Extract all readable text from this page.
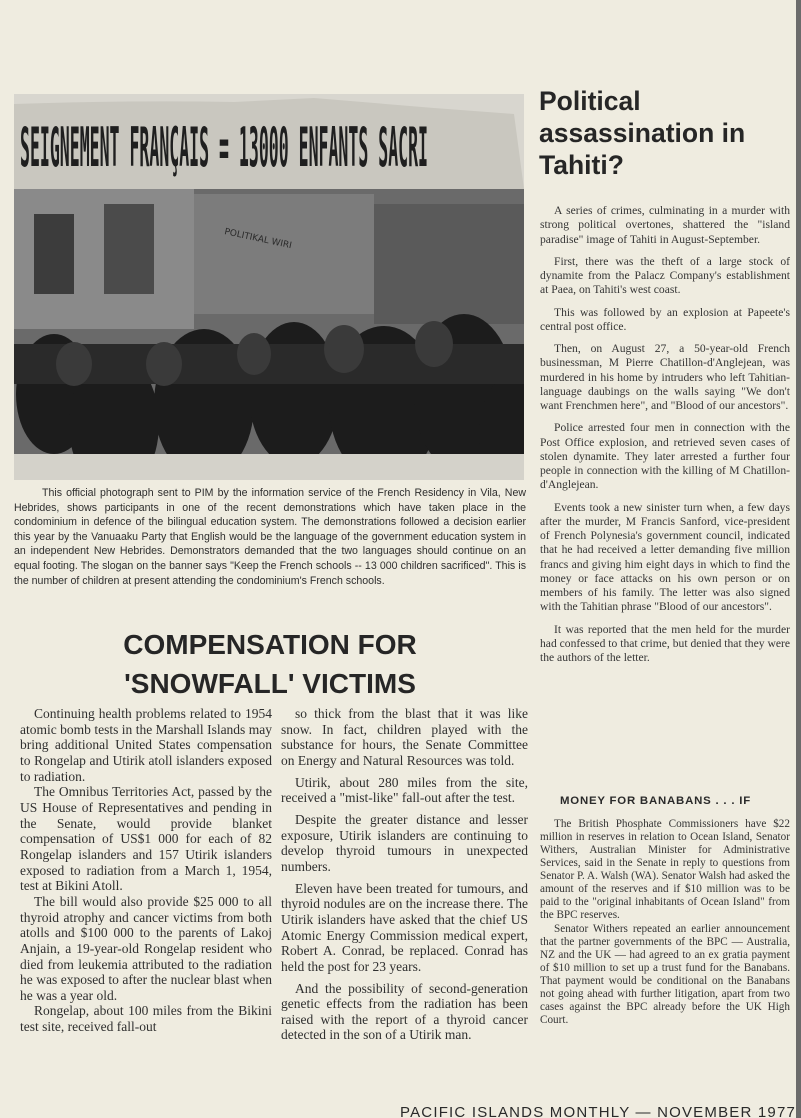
SEIGNEMENT FRANÇAIS = 13000 ENFANTS SACRI
POLITIKAL WIRI

This official photograph sent to PIM by the information service of the French Residency in Vila, New Hebrides, shows participants in one of the recent demonstrations which have taken place in the condominium in defence of the bilingual education system. The demonstrations followed a decision earlier this year by the Vanuaaku Party that English would be the language of the government education system in an independent New Hebrides. Demonstrators demanded that the two languages should continue on an equal footing. The slogan on the banner says "Keep the French schools -- 13 000 children sacrificed". This is the number of children at present attending the condominium's French schools.

Political assassination in Tahiti?

A series of crimes, culminating in a murder with strong political overtones, shattered the "island paradise" image of Tahiti in August-September.

First, there was the theft of a large stock of dynamite from the Palacz Company's establishment at Paea, on Tahiti's west coast.

This was followed by an explosion at Papeete's central post office.

Then, on August 27, a 50-year-old French businessman, M Pierre Chatillon-d'Anglejean, was murdered in his home by intruders who left Tahitian-language daubings on the walls saying "We don't want Frenchmen here", and "Blood of our ancestors".

Police arrested four men in connection with the Post Office explosion, and retrieved seven cases of stolen dynamite. They later arrested a further four people in connection with the killing of M Chatillon-d'Anglejean.

Events took a new sinister turn when, a few days after the murder, M Francis Sanford, vice-president of French Polynesia's government council, indicated that he had received a letter demanding five million francs and giving him eight days in which to find the money or face attacks on his own person or on members of his family. The letter was also signed with the Tahitian phrase "Blood of our ancestors".

It was reported that the men held for the murder had confessed to that crime, but denied that they were the authors of the letter.

MONEY FOR BANABANS . . . IF

The British Phosphate Commissioners have $22 million in reserves in relation to Ocean Island, Senator Withers, Australian Minister for Administrative Services, said in the Senate in reply to questions from Senator P. A. Walsh (WA). Senator Walsh had asked the amount of the reserves and if $10 million was to be paid to the "original inhabitants of Ocean Island" from the BPC reserves.

Senator Withers repeated an earlier announcement that the partner governments of the BPC — Australia, NZ and the UK — had agreed to an ex gratia payment of $10 million to set up a trust fund for the Banabans. That payment would be conditional on the Banabans not going ahead with further litigation, apart from two cases against the BPC already before the UK High Court.

COMPENSATION FOR
'SNOWFALL' VICTIMS

Continuing health problems related to 1954 atomic bomb tests in the Marshall Islands may bring additional United States compensation to Rongelap and Utirik atoll islanders exposed to radiation.

The Omnibus Territories Act, passed by the US House of Representatives and pending in the Senate, would provide blanket compensation of US$1 000 for each of 82 Rongelap islanders and 157 Utirik islanders exposed to radiation from a March 1, 1954, test at Bikini Atoll.

The bill would also provide $25 000 to all thyroid atrophy and cancer victims from both atolls and $100 000 to the parents of Lakoj Anjain, a 19-year-old Rongelap resident who died from leukemia attributed to the radiation he was exposed to after the nuclear blast when he was a year old.

Rongelap, about 100 miles from the Bikini test site, received fall-out

so thick from the blast that it was like snow. In fact, children played with the substance for hours, the Senate Committee on Energy and Natural Resources was told.

Utirik, about 280 miles from the site, received a "mist-like" fall-out after the test.

Despite the greater distance and lesser exposure, Utirik islanders are continuing to develop thyroid tumours in unexpected numbers.

Eleven have been treated for tumours, and thyroid nodules are on the increase there. The Utirik islanders have asked that the chief US Atomic Energy Commission medical expert, Robert A. Conrad, be replaced. Conrad has held the post for 23 years.

And the possibility of second-generation genetic effects from the radiation has been raised with the report of a thyroid cancer detected in the son of a Utirik man.

PACIFIC ISLANDS MONTHLY — NOVEMBER 1977
